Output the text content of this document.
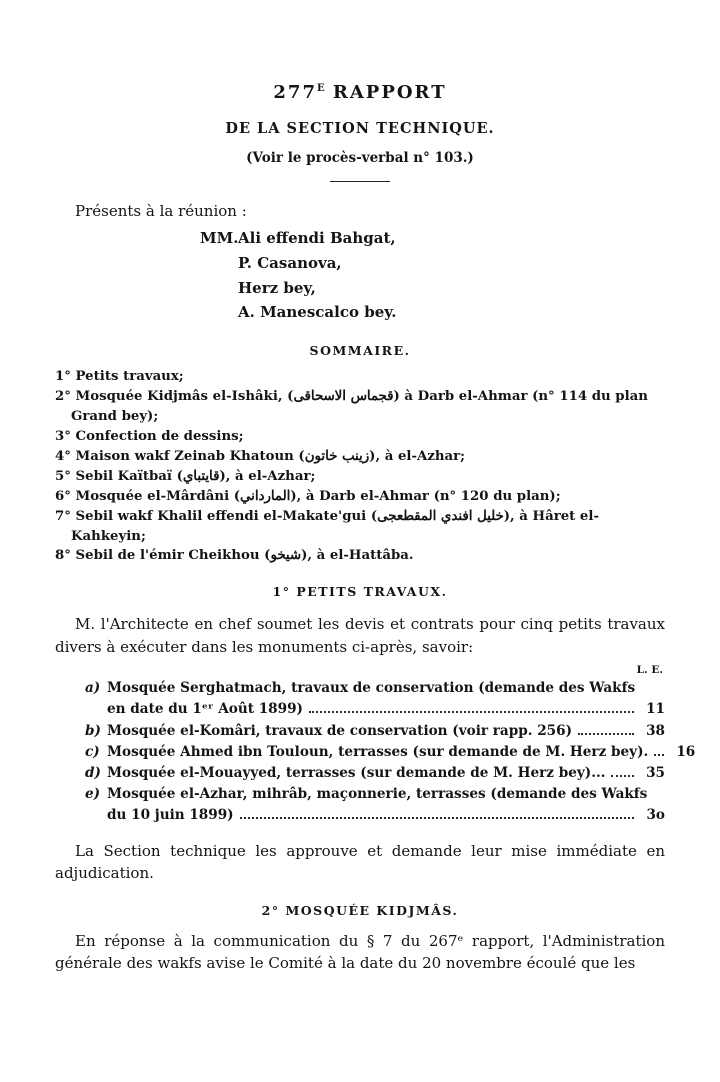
$277^E$ RAPPORT
DE LA SECTION TECHNIQUE.
(Voir le procès-verbal n° 103.)
Présents à la réunion :
MM. Ali effendi Bahgat,
P. Casanova,
Herz bey,
A. Manescalco bey.
SOMMAIRE.
1° Petits travaux;
2° Mosquée Kidjmâs el-Ishâki, (قجماس الاسحاقى) à Darb el-Ahmar (n° 114 du plan Grand bey);
3° Confection de dessins;
4° Maison wakf Zeinab Khatoun (زينب خاتون), à el-Azhar;
5° Sebil Kaïtbaï (قايتباي), à el-Azhar;
6° Mosquée el-Mârdâni (المارداني), à Darb el-Ahmar (n° 120 du plan);
7° Sebil wakf Khalil effendi el-Makate'gui (خليل افندي المقطعجى), à Hâret el-Kahkeyin;
8° Sebil de l'émir Cheikhou (شيخو), à el-Hattâba.
1° PETITS TRAVAUX.
M. l'Architecte en chef soumet les devis et contrats pour cinq petits travaux divers à exécuter dans les monuments ci-après, savoir:
L. E.
a) Mosquée Serghatmach, travaux de conservation (demande des Wakfs
en date du 1ᵉʳ Août 1899)	11
b) Mosquée el-Komâri, travaux de conservation (voir rapp. 256)	38
c) Mosquée Ahmed ibn Touloun, terrasses (sur demande de M. Herz bey).	16
d) Mosquée el-Mouayyed, terrasses (sur demande de M. Herz bey)...	35
e) Mosquée el-Azhar, mihrâb, maçonnerie, terrasses (demande des Wakfs
du 10 juin 1899)	3o
La Section technique les approuve et demande leur mise immédiate en adjudication.
2° MOSQUÉE KIDJMÂS.
En réponse à la communication du § 7 du 267ᵉ rapport, l'Administration générale des wakfs avise le Comité à la date du 20 novembre écoulé que les
